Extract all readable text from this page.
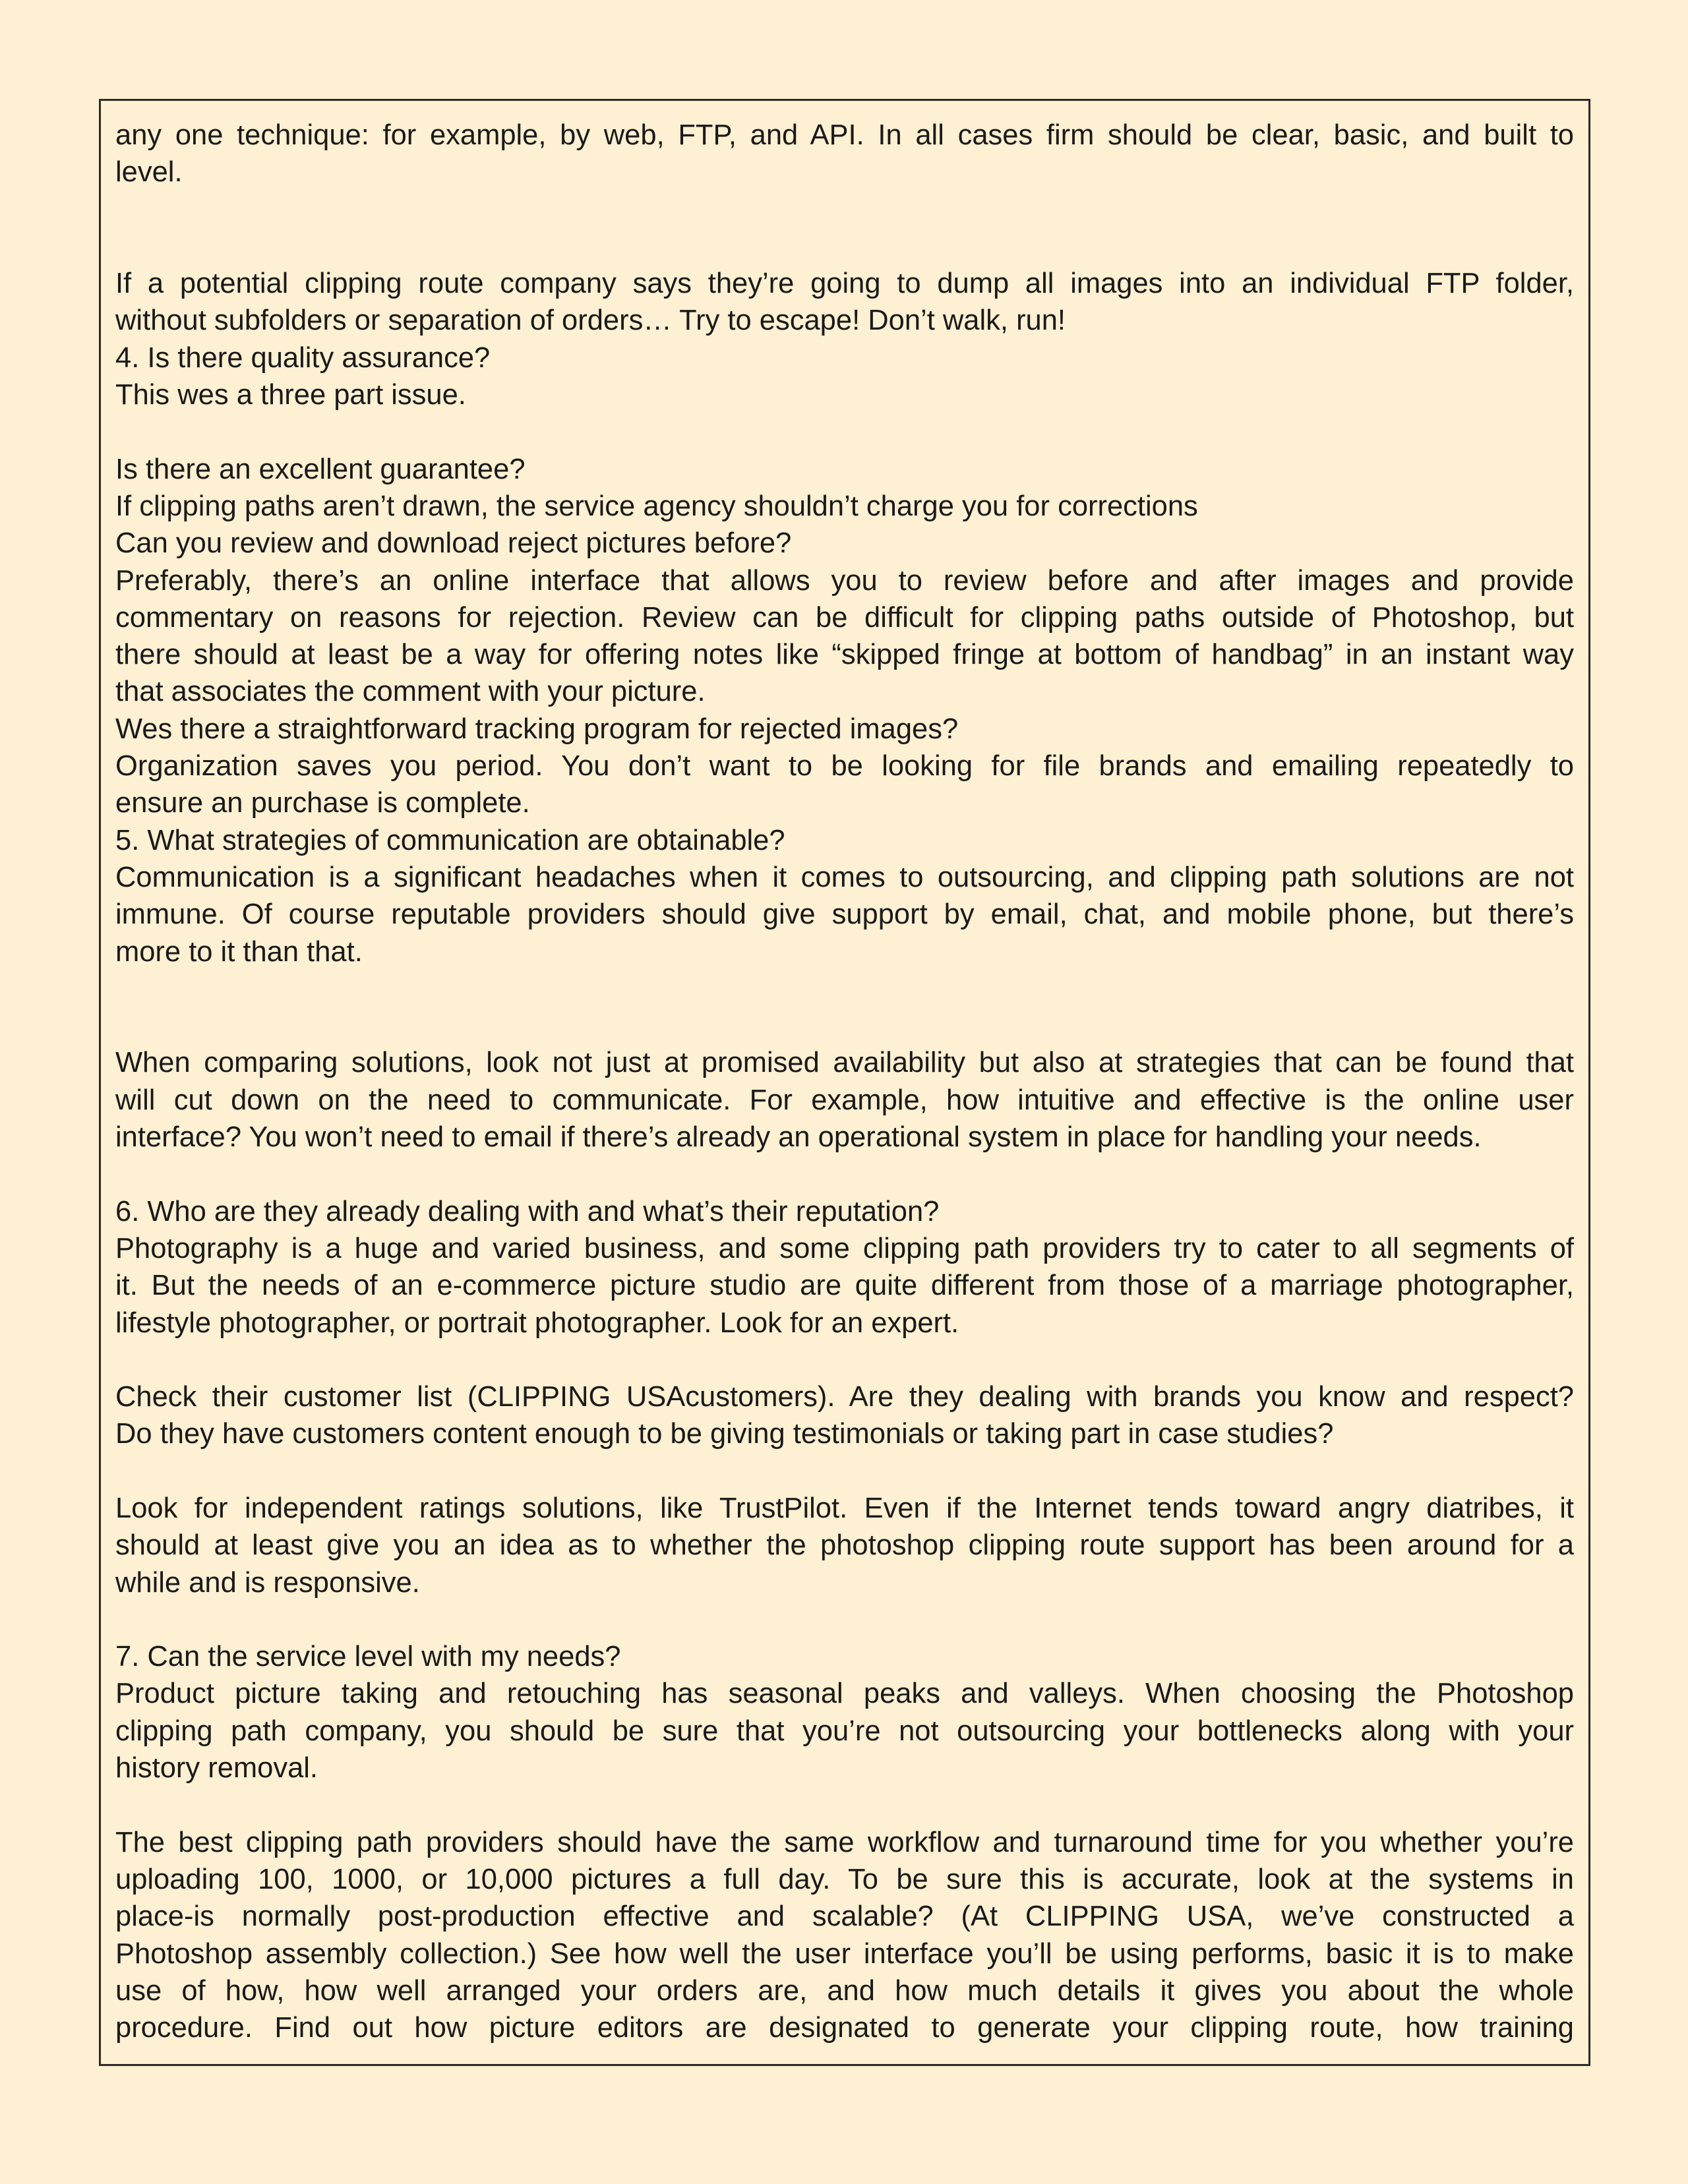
any one technique: for example, by web, FTP, and API. In all cases firm should be clear, basic, and built to
level.
If a potential clipping route company says they’re going to dump all images into an individual FTP folder,
without subfolders or separation of orders… Try to escape! Don’t walk, run!
4. Is there quality assurance?
This wes a three part issue.
Is there an excellent guarantee?
If clipping paths aren’t drawn, the service agency shouldn’t charge you for corrections
Can you review and download reject pictures before?
Preferably, there’s an online interface that allows you to review before and after images and provide
commentary on reasons for rejection. Review can be difficult for clipping paths outside of Photoshop, but
there should at least be a way for offering notes like “skipped fringe at bottom of handbag” in an instant way
that associates the comment with your picture.
Wes there a straightforward tracking program for rejected images?
Organization saves you period. You don’t want to be looking for file brands and emailing repeatedly to
ensure an purchase is complete.
5. What strategies of communication are obtainable?
Communication is a significant headaches when it comes to outsourcing, and clipping path solutions are not
immune. Of course reputable providers should give support by email, chat, and mobile phone, but there’s
more to it than that.
When comparing solutions, look not just at promised availability but also at strategies that can be found that
will cut down on the need to communicate. For example, how intuitive and effective is the online user
interface? You won’t need to email if there’s already an operational system in place for handling your needs.
6. Who are they already dealing with and what’s their reputation?
Photography is a huge and varied business, and some clipping path providers try to cater to all segments of
it. But the needs of an e-commerce picture studio are quite different from those of a marriage photographer,
lifestyle photographer, or portrait photographer. Look for an expert.
Check their customer list (CLIPPING USAcustomers). Are they dealing with brands you know and respect?
Do they have customers content enough to be giving testimonials or taking part in case studies?
Look for independent ratings solutions, like TrustPilot. Even if the Internet tends toward angry diatribes, it
should at least give you an idea as to whether the photoshop clipping route support has been around for a
while and is responsive.
7. Can the service level with my needs?
Product picture taking and retouching has seasonal peaks and valleys. When choosing the Photoshop
clipping path company, you should be sure that you’re not outsourcing your bottlenecks along with your
history removal.
The best clipping path providers should have the same workflow and turnaround time for you whether you’re
uploading 100, 1000, or 10,000 pictures a full day. To be sure this is accurate, look at the systems in
place-is normally post-production effective and scalable? (At CLIPPING USA, we’ve constructed a
Photoshop assembly collection.) See how well the user interface you’ll be using performs, basic it is to make
use of how, how well arranged your orders are, and how much details it gives you about the whole
procedure. Find out how picture editors are designated to generate your clipping route, how training
